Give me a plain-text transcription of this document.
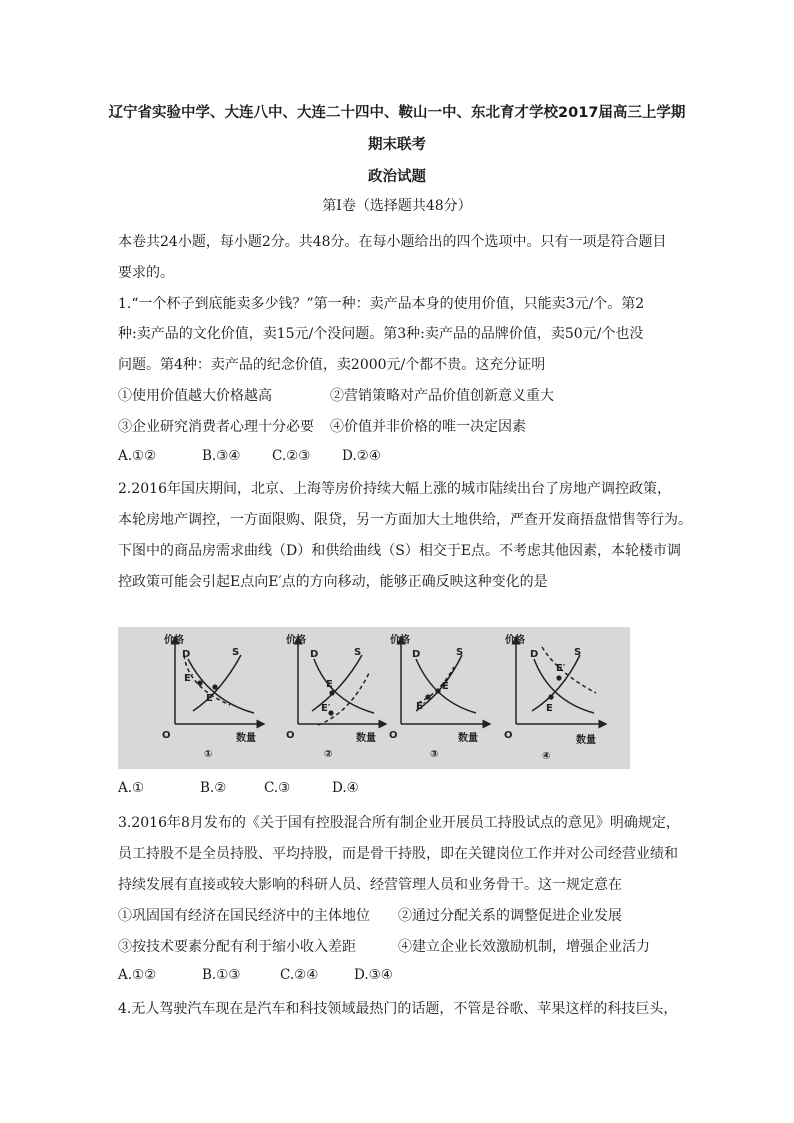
辽宁省实验中学、大连八中、大连二十四中、鞍山一中、东北育才学校2017届高三上学期
期末联考
政治试题
第Ⅰ卷（选择题共48分）
本卷共24小题，每小题2分。共48分。在每小题给出的四个选项中。只有一项是符合题目
要求的。
1.“一个杯子到底能卖多少钱？”第一种：卖产品本身的使用价值，只能卖3元/个。第2
种:卖产品的文化价值，卖15元/个没问题。第3种:卖产品的品牌价值，卖50元/个也没
问题。第4种：卖产品的纪念价值，卖2000元/个都不贵。这充分证明
①使用价值越大价格越高	②营销策略对产品价值创新意义重大
③企业研究消费者心理十分必要 ④价值并非价格的唯一决定因素
A.①②	B.③④ C.②③ D.②④
2.2016年国庆期间，北京、上海等房价持续大幅上涨的城市陆续出台了房地产调控政策，
本轮房地产调控，一方面限购、限贷，另一方面加大土地供给，严查开发商捂盘惜售等行为。
下图中的商品房需求曲线（D）和供给曲线（S）相交于E点。不考虑其他因素，本轮楼市调
控政策可能会引起E点向E′点的方向移动，能够正确反映这种变化的是
价格
O	数量
D	S
E
E′
①
价格
O	数量
D	S
E
E′
②
价格
O	数量
D	S
E
E′
③
价格
O	数量
D	S
E
E′
④
A.①	B.②	C.③	D.④
3.2016年8月发布的《关于国有控股混合所有制企业开展员工持股试点的意见》明确规定，
员工持股不是全员持股、平均持股，而是骨干持股，即在关键岗位工作并对公司经营业绩和
持续发展有直接或较大影响的科研人员、经营管理人员和业务骨干。这一规定意在
①巩固国有经济在国民经济中的主体地位 ②通过分配关系的调整促进企业发展
③按技术要素分配有利于缩小收入差距	④建立企业长效激励机制，增强企业活力
A.①②	B.①③	C.②④	D.③④
4.无人驾驶汽车现在是汽车和科技领域最热门的话题，不管是谷歌、苹果这样的科技巨头，
